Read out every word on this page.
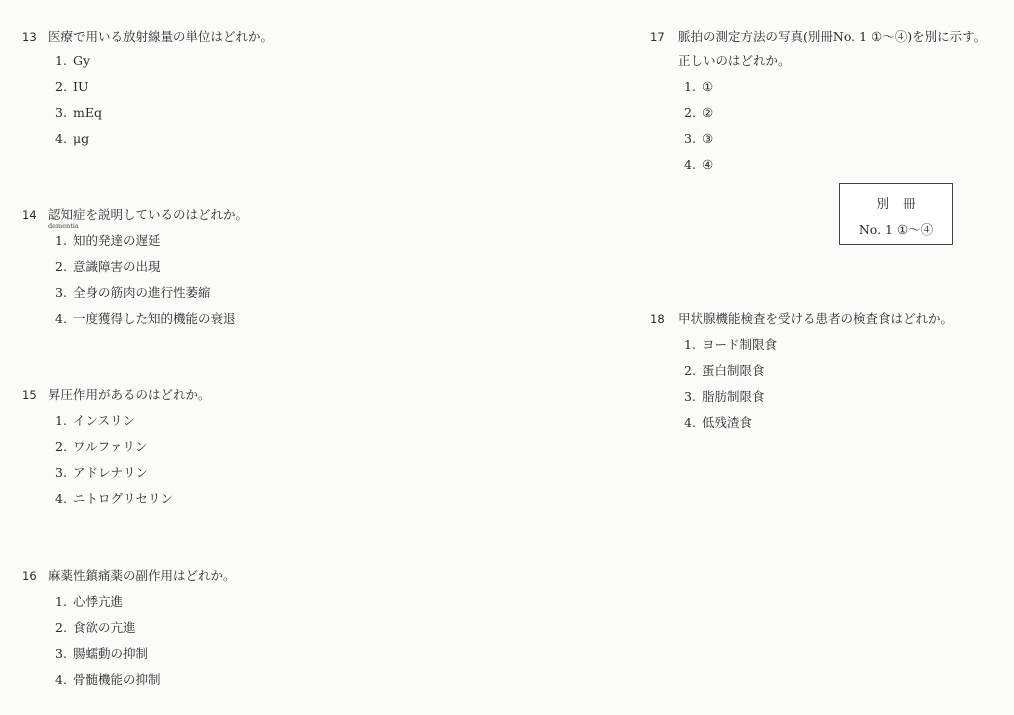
13 医療で用いる放射線量の単位はどれか。
1. Gy
2. IU
3. mEq
4. μg
14 認知症を説明しているのはどれか。
dementia
1. 知的発達の遅延
2. 意識障害の出現
3. 全身の筋肉の進行性萎縮
4. 一度獲得した知的機能の衰退
15 昇圧作用があるのはどれか。
1. インスリン
2. ワルファリン
3. アドレナリン
4. ニトログリセリン
16 麻薬性鎮痛薬の副作用はどれか。
1. 心悸亢進
2. 食欲の亢進
3. 腸蠕動の抑制
4. 骨髄機能の抑制
17	脈拍の測定方法の写真(別冊No. 1 ①〜④)を別に示す。
正しいのはどれか。
1. ①
2. ②
3. ③
4. ④
別冊
No. 1 ①〜④
18	甲状腺機能検査を受ける患者の検査食はどれか。
1. ヨード制限食
2. 蛋白制限食
3. 脂肪制限食
4. 低残渣食
